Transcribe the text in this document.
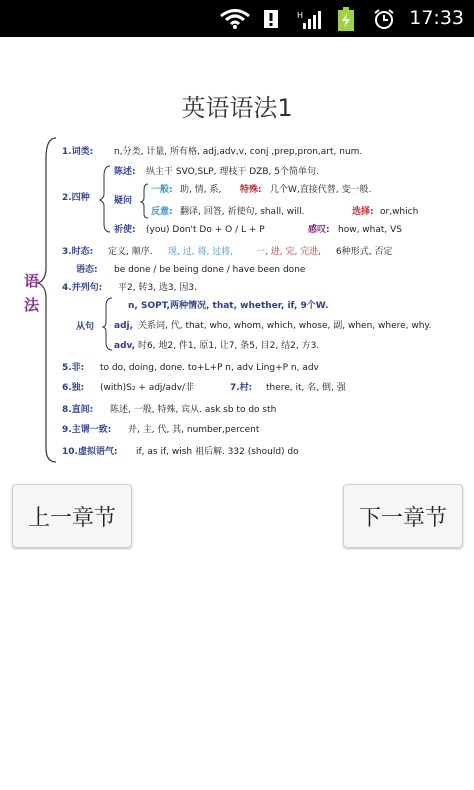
H	17:33
英语语法1
语
法
1.词类: n,分类, 计量, 所有格, adj,adv,v, conj ,prep,pron,art, num.
2.四种
陈述: 纵主干 SVO,SLP, 理枝干 DZB, 5个简单句.
疑问
一般: 助, 情, 系, 特殊: 几个W,直接代替, 变一般.
反意: 翻译, 回答, 祈使句, shall, will.	选择: or,which
祈使: (you) Don't Do + O / L + P	感叹: how, what, VS
3.时态: 定义, 顺序. 现, 过, 将, 过将,	一, 进, 完, 完进, 6种形式, 否定
语态: be done / be being done / have been done
4.并列句: 平2, 转3, 选3, 因3.
n, SOPT,两种情况, that, whether, if, 9个W.
从句 adj, 关系词, 代, that, who, whom, which, whose, 副, when, where, why.
adv, 时6, 地2, 件1, 原1, 让7, 条5, 目2, 结2, 方3.
5.非: to do, doing, done. to+L+P n, adv Ling+P n, adv
6.独: (with)S₂ + adj/adv/非	7.村: there, it, 名, 倒, 强
8.直间: 陈述, 一般, 特殊, 宾从. ask sb to do sth
9.主谓一致: 并, 主, 代, 其, number,percent
10.虚拟语气: if, as if, wish 祖后解. 332 (should) do
上一章节	下一章节
